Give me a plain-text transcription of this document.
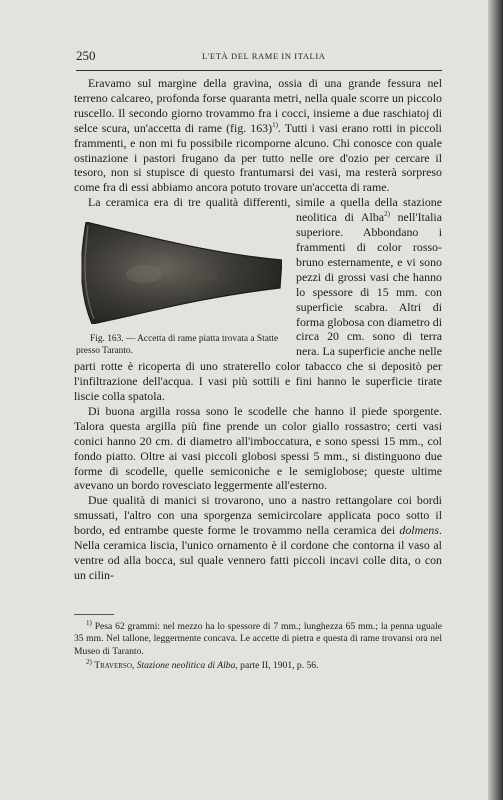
250	L'ETÀ DEL RAME IN ITALIA

Eravamo sul margine della gravina, ossia di una grande fessura nel terreno calcareo, profonda forse quaranta metri, nella quale scorre un piccolo ruscello. Il secondo giorno trovammo fra i cocci, insieme a due raschiatoj di selce scura, un'accetta di rame (fig. 163)$^{1)}$. Tutti i vasi erano rotti in piccoli frammenti, e non mi fu possibile ricomporne alcuno. Chi conosce con quale ostinazione i pastori frugano da per tutto nelle ore d'ozio per cercare il tesoro, non si stupisce di questo frantumarsi dei vasi, ma resterà sorpreso come fra di essi abbiamo ancora potuto trovare un'accetta di rame.

La ceramica era di tre qualità differenti, simile a quella della stazione neolitica di Alba$^{2)}$
Fig. 163. — Accetta di rame piatta trovata a Statte presso Taranto.
nell'Italia superiore. Abbondano i frammenti di color rosso-bruno esternamente, e vi sono pezzi di grossi vasi che hanno lo spessore di 15 mm. con superficie scabra. Altri di forma globosa con diametro di circa 20 cm. sono di terra nera. La superficie anche nelle parti rotte è ricoperta di uno straterello color tabacco che si depositò per l'infiltrazione dell'acqua. I vasi più sottili e fini hanno le superficie tirate liscie colla spatola.

Di buona argilla rossa sono le scodelle che hanno il piede sporgente. Talora questa argilla più fine prende un color giallo rossastro; certi vasi conici hanno 20 cm. di diametro all'imboccatura, e sono spessi 15 mm., col fondo piatto. Oltre ai vasi piccoli globosi spessi 5 mm., si distinguono due forme di scodelle, quelle semiconiche e le semiglobose; queste ultime avevano un bordo rovesciato leggermente all'esterno.

Due qualità di manici si trovarono, uno a nastro rettangolare coi bordi smussati, l'altro con una sporgenza semicircolare applicata poco sotto il bordo, ed entrambe queste forme le trovammo nella ceramica dei dolmens. Nella ceramica liscia, l'unico ornamento è il cordone che contorna il vaso al ventre od alla bocca, sul quale vennero fatti piccoli incavi colle dita, o con un cilin-

$^{1)}$ Pesa 62 grammi: nel mezzo ha lo spessore di 7 mm.; lunghezza 65 mm.; la penna uguale 35 mm. Nel tallone, leggermente concava. Le accette di pietra e questa di rame trovansi ora nel Museo di Taranto.

$^{2)}$ Traverso, Stazione neolitica di Alba, parte II, 1901, p. 56.
